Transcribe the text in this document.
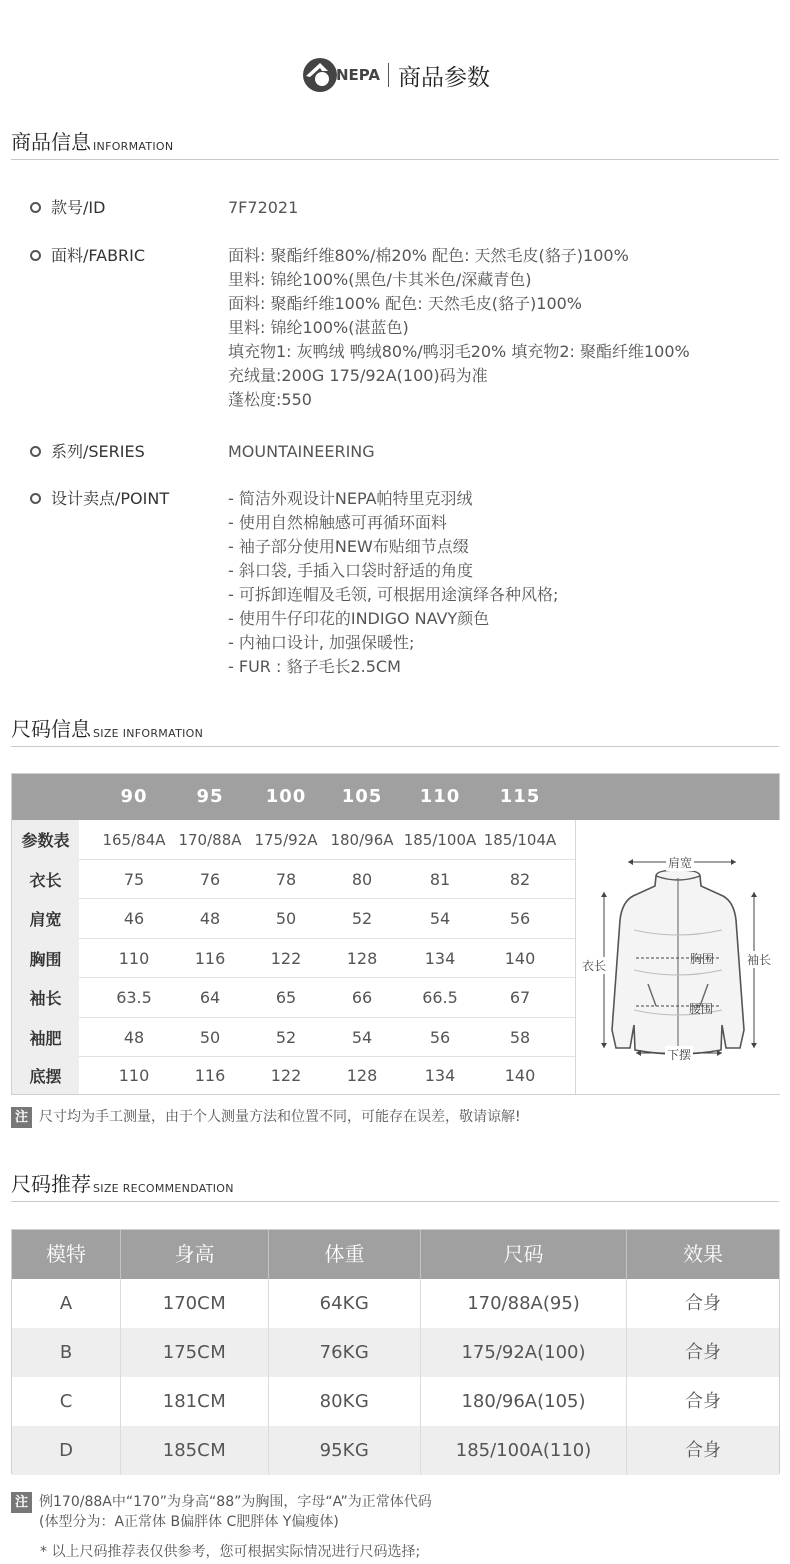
NEPA 商品参数
商品信息 INFORMATION
款号/ID	7F72021
面料/FABRIC	面料: 聚酯纤维80%/棉20% 配色: 天然毛皮(貉子)100%
里料: 锦纶100%(黑色/卡其米色/深藏青色)
面料: 聚酯纤维100% 配色: 天然毛皮(貉子)100%
里料: 锦纶100%(湛蓝色)
填充物1: 灰鸭绒 鸭绒80%/鸭羽毛20% 填充物2: 聚酯纤维100%
充绒量:200G 175/92A(100)码为准
蓬松度:550
系列/SERIES	MOUNTAINEERING
设计卖点/POINT	- 简洁外观设计NEPA帕特里克羽绒
- 使用自然棉触感可再循环面料
- 袖子部分使用NEW布贴细节点缀
- 斜口袋, 手插入口袋时舒适的角度
- 可拆卸连帽及毛领, 可根据用途演绎各种风格;
- 使用牛仔印花的INDIGO NAVY颜色
- 内袖口设计, 加强保暖性;
- FUR : 貉子毛长2.5CM
尺码信息 SIZE INFORMATION
90	95	100	105	110	115
参数表	165/84A 170/88A 175/92A 180/96A 185/100A 185/104A
衣长	75	76	78	80	81	82
肩宽	46	48	50	52	54	56
胸围	110	116	122	128	134	140
袖长	63.5	64	65	66	66.5	67
袖肥	48	50	52	54	56	58
底摆	110	116	122	128	134	140
肩宽
衣长	胸围	袖长
腰围
下摆
注 尺寸均为手工测量，由于个人测量方法和位置不同，可能存在误差，敬请谅解!
尺码推荐 SIZE RECOMMENDATION
模特	身高	体重	尺码	效果
A	170CM	64KG	170/88A(95)	合身
B	175CM	76KG	175/92A(100)	合身
C	181CM	80KG	180/96A(105)	合身
D	185CM	95KG	185/100A(110)	合身
注 例170/88A中“170”为身高“88”为胸围，字母“A”为正常体代码
(体型分为：A正常体 B偏胖体 C肥胖体 Y偏瘦体)
* 以上尺码推荐表仅供参考，您可根据实际情况进行尺码选择;
